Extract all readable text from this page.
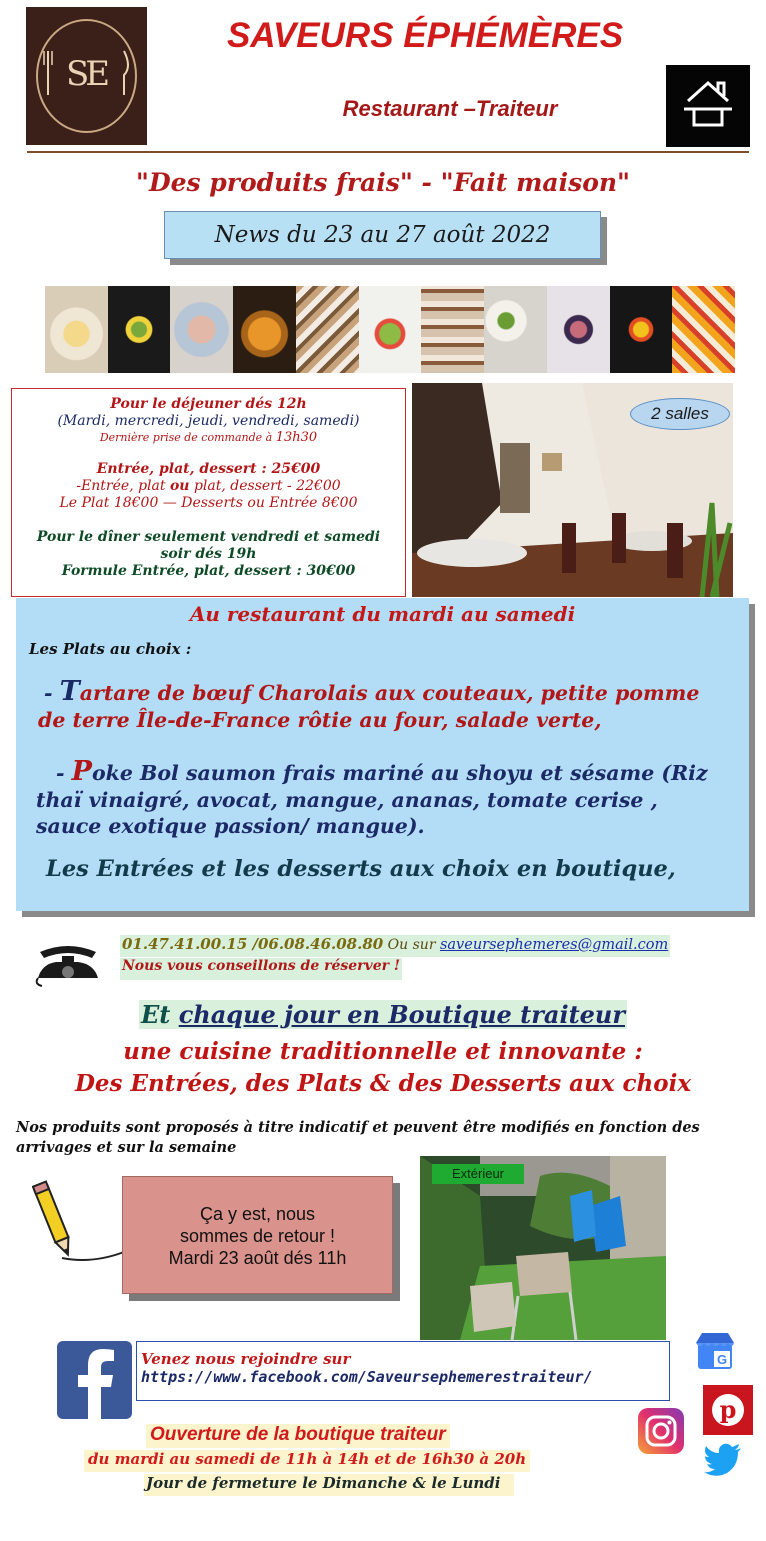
SE
SAVEURS ÉPHÉMÈRES
Restaurant –Traiteur
"Des produits frais" - "Fait maison"
News du 23 au 27 août 2022
Pour le déjeuner dés 12h
(Mardi, mercredi, jeudi, vendredi, samedi)
Dernière prise de commande à 13h30
Entrée, plat, dessert : 25€00
-Entrée, plat ou plat, dessert - 22€00
Le Plat 18€00 — Desserts ou Entrée 8€00
Pour le dîner seulement vendredi et samedi
soir dés 19h
Formule Entrée, plat, dessert : 30€00
2 salles
Au restaurant du mardi au samedi
Les Plats au choix :
- Tartare de bœuf Charolais aux couteaux, petite pomme
de terre Île-de-France rôtie au four, salade verte,
- Poke Bol saumon frais mariné au shoyu et sésame (Riz
thaï vinaigré, avocat, mangue, ananas, tomate cerise ,
sauce exotique passion/ mangue).
Les Entrées et les desserts aux choix en boutique,
01.47.41.00.15 /06.08.46.08.80 Ou sur saveursephemeres@gmail.com
Nous vous conseillons de réserver !
Et chaque jour en Boutique traiteur
une cuisine traditionnelle et innovante :
Des Entrées, des Plats & des Desserts aux choix
Nos produits sont proposés à titre indicatif et peuvent être modifiés en fonction des arrivages et sur la semaine
Ça y est, nous
sommes de retour !
Mardi 23 août dés 11h
Extérieur
Venez nous rejoindre sur
https://www.facebook.com/Saveursephemerestraiteur/
G
p
Ouverture de la boutique traiteur
du mardi au samedi de 11h à 14h et de 16h30 à 20h
Jour de fermeture le Dimanche & le Lundi
